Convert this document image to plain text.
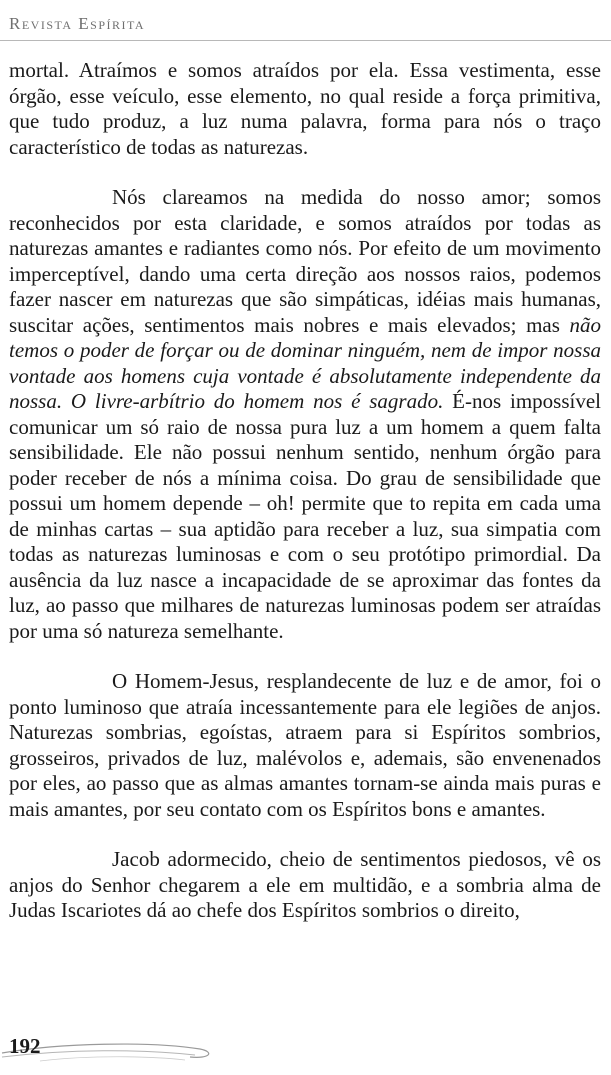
Revista Espírita

mortal. Atraímos e somos atraídos por ela. Essa vestimenta, esse órgão, esse veículo, esse elemento, no qual reside a força primitiva, que tudo produz, a luz numa palavra, forma para nós o traço característico de todas as naturezas.

Nós clareamos na medida do nosso amor; somos reconhecidos por esta claridade, e somos atraídos por todas as naturezas amantes e radiantes como nós. Por efeito de um movimento imperceptível, dando uma certa direção aos nossos raios, podemos fazer nascer em naturezas que são simpáticas, idéias mais humanas, suscitar ações, sentimentos mais nobres e mais elevados; mas não temos o poder de forçar ou de dominar ninguém, nem de impor nossa vontade aos homens cuja vontade é absolutamente independente da nossa. O livre-arbítrio do homem nos é sagrado. É-nos impossível comunicar um só raio de nossa pura luz a um homem a quem falta sensibilidade. Ele não possui nenhum sentido, nenhum órgão para poder receber de nós a mínima coisa. Do grau de sensibilidade que possui um homem depende – oh! permite que to repita em cada uma de minhas cartas – sua aptidão para receber a luz, sua simpatia com todas as naturezas luminosas e com o seu protótipo primordial. Da ausência da luz nasce a incapacidade de se aproximar das fontes da luz, ao passo que milhares de naturezas luminosas podem ser atraídas por uma só natureza semelhante.

O Homem-Jesus, resplandecente de luz e de amor, foi o ponto luminoso que atraía incessantemente para ele legiões de anjos. Naturezas sombrias, egoístas, atraem para si Espíritos sombrios, grosseiros, privados de luz, malévolos e, ademais, são envenenados por eles, ao passo que as almas amantes tornam-se ainda mais puras e mais amantes, por seu contato com os Espíritos bons e amantes.

Jacob adormecido, cheio de sentimentos piedosos, vê os anjos do Senhor chegarem a ele em multidão, e a sombria alma de Judas Iscariotes dá ao chefe dos Espíritos sombrios o direito,

192
